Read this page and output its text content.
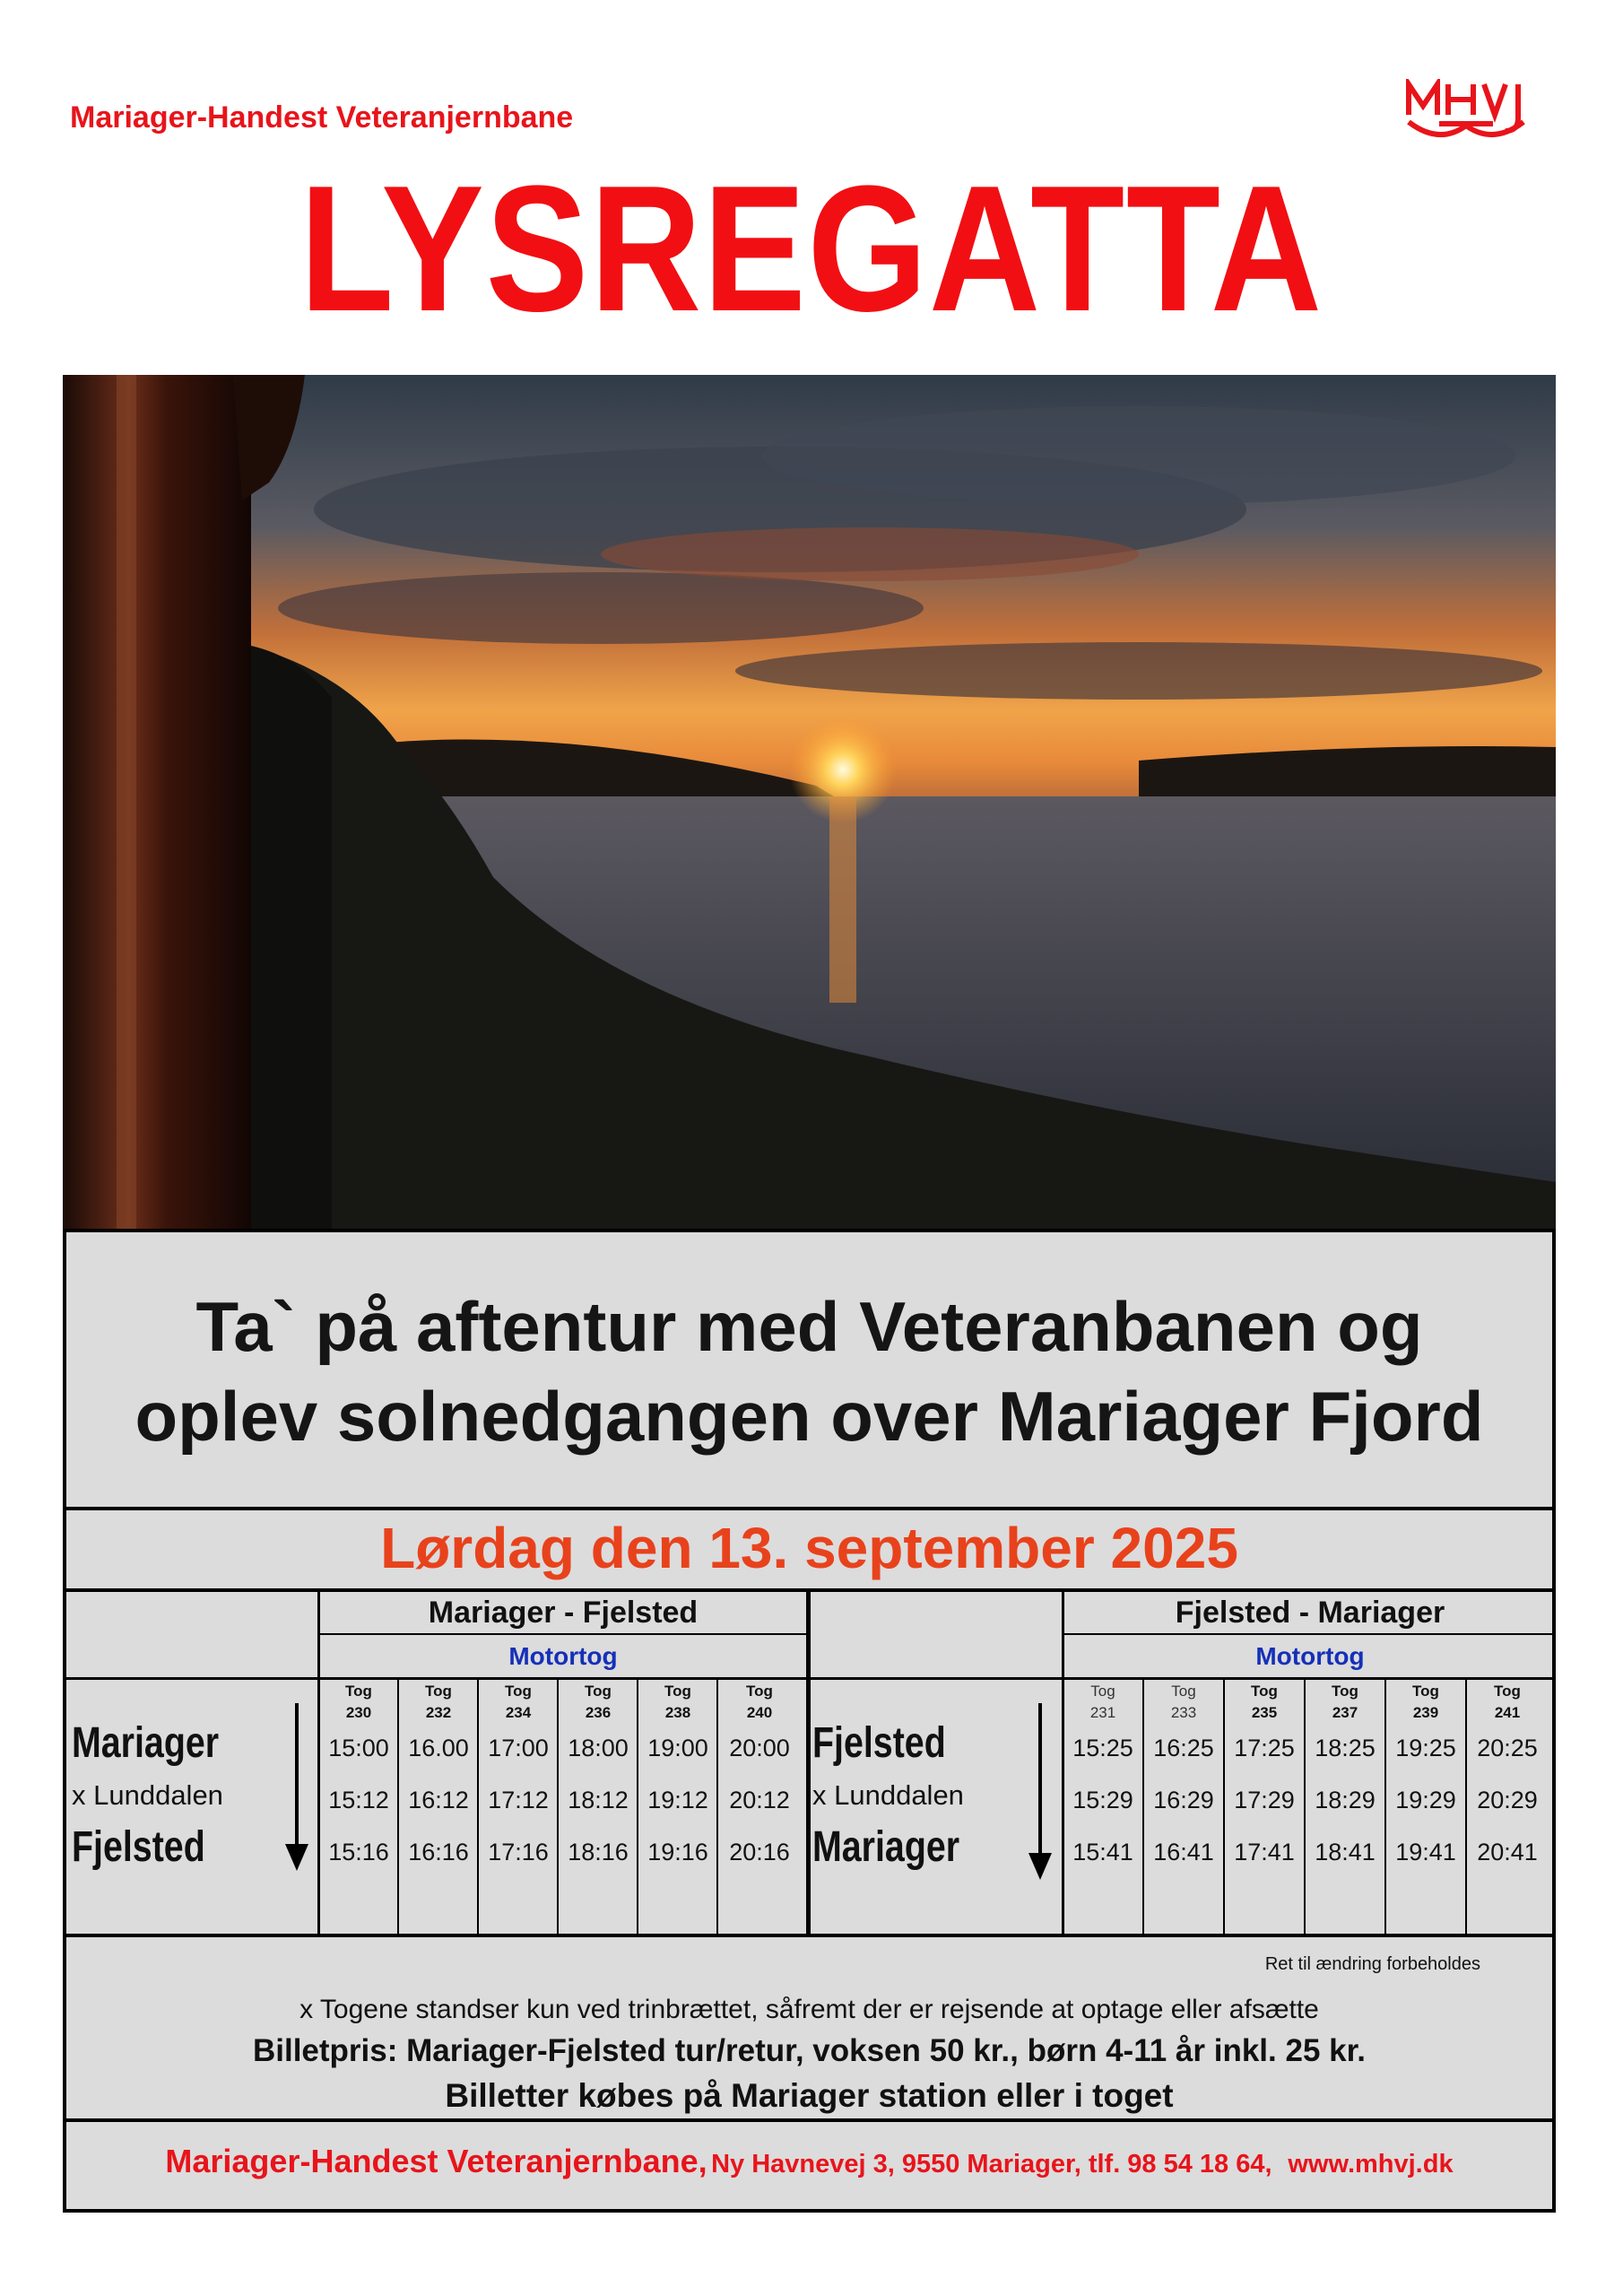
Mariager-Handest Veteranjernbane
LYSREGATTA
Ta` på aftentur med Veteranbanen og
oplev solnedgangen over Mariager Fjord
Lørdag den 13. september 2025
Mariager - Fjelsted
Motortog
Fjelsted - Mariager
Motortog
Tog
230
Tog
232
Tog
234
Tog
236
Tog
238
Tog
240
Tog
231
Tog
233
Tog
235
Tog
237
Tog
239
Tog
241
Mariager
x Lunddalen
Fjelsted
Fjelsted
x Lunddalen
Mariager
15:00 16.00 17:00 18:00 19:00 20:00
15:12 16:12 17:12 18:12 19:12 20:12
15:16 16:16 17:16 18:16 19:16 20:16
15:25 16:25 17:25 18:25 19:25 20:25
15:29 16:29 17:29 18:29 19:29 20:29
15:41 16:41 17:41 18:41 19:41 20:41
Ret til ændring forbeholdes
x Togene standser kun ved trinbrættet, såfremt der er rejsende at optage eller afsætte
Billetpris: Mariager-Fjelsted tur/retur, voksen 50 kr., børn 4-11 år inkl. 25 kr.
Billetter købes på Mariager station eller i toget
Mariager-Handest Veteranjernbane, Ny Havnevej 3, 9550 Mariager, tlf. 98 54 18 64, www.mhvj.dk
